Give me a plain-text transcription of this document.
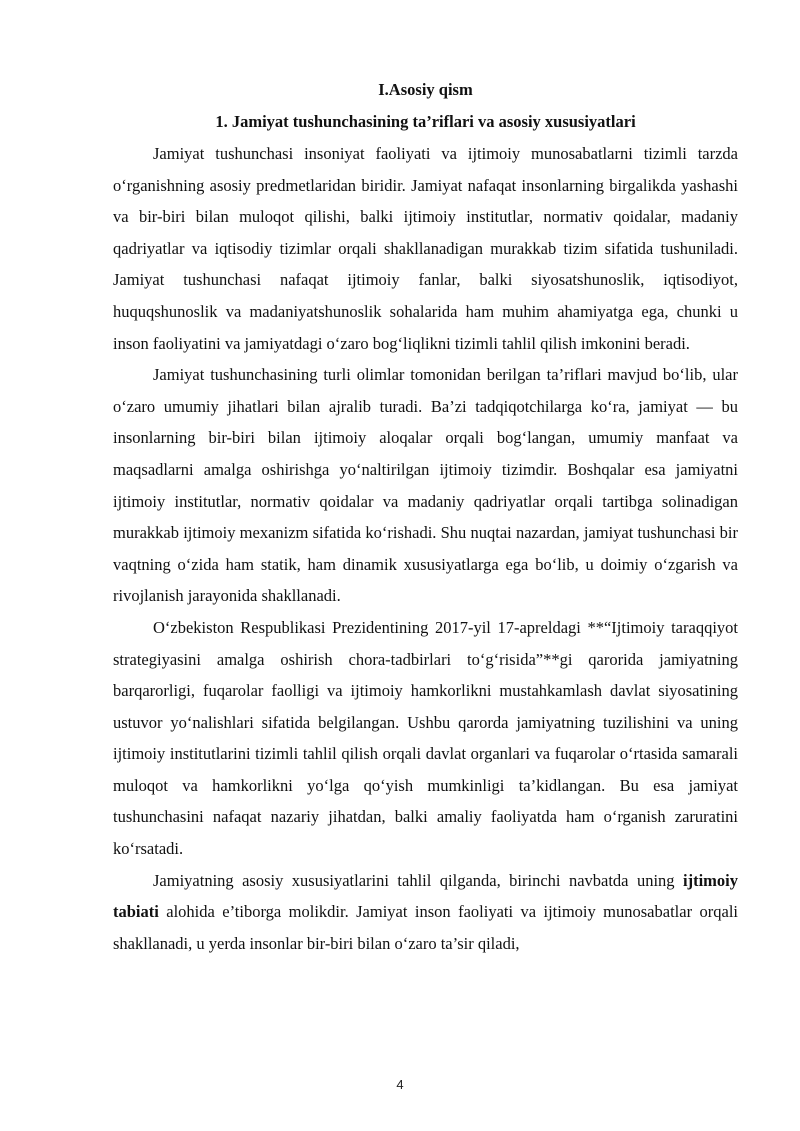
I.Asosiy qism

1. Jamiyat tushunchasining ta’riflari va asosiy xususiyatlari

Jamiyat tushunchasi insoniyat faoliyati va ijtimoiy munosabatlarni tizimli tarzda o‘rganishning asosiy predmetlaridan biridir. Jamiyat nafaqat insonlarning birgalikda yashashi va bir-biri bilan muloqot qilishi, balki ijtimoiy institutlar, normativ qoidalar, madaniy qadriyatlar va iqtisodiy tizimlar orqali shakllanadigan murakkab tizim sifatida tushuniladi. Jamiyat tushunchasi nafaqat ijtimoiy fanlar, balki siyosatshunoslik, iqtisodiyot, huquqshunoslik va madaniyatshunoslik sohalarida ham muhim ahamiyatga ega, chunki u inson faoliyatini va jamiyatdagi o‘zaro bog‘liqlikni tizimli tahlil qilish imkonini beradi.

Jamiyat tushunchasining turli olimlar tomonidan berilgan ta’riflari mavjud bo‘lib, ular o‘zaro umumiy jihatlari bilan ajralib turadi. Ba’zi tadqiqotchilarga ko‘ra, jamiyat — bu insonlarning bir-biri bilan ijtimoiy aloqalar orqali bog‘langan, umumiy manfaat va maqsadlarni amalga oshirishga yo‘naltirilgan ijtimoiy tizimdir. Boshqalar esa jamiyatni ijtimoiy institutlar, normativ qoidalar va madaniy qadriyatlar orqali tartibga solinadigan murakkab ijtimoiy mexanizm sifatida ko‘rishadi. Shu nuqtai nazardan, jamiyat tushunchasi bir vaqtning o‘zida ham statik, ham dinamik xususiyatlarga ega bo‘lib, u doimiy o‘zgarish va rivojlanish jarayonida shakllanadi.

O‘zbekiston Respublikasi Prezidentining 2017-yil 17-apreldagi **“Ijtimoiy taraqqiyot strategiyasini amalga oshirish chora-tadbirlari to‘g‘risida”**gi qarorida jamiyatning barqarorligi, fuqarolar faolligi va ijtimoiy hamkorlikni mustahkamlash davlat siyosatining ustuvor yo‘nalishlari sifatida belgilangan. Ushbu qarorda jamiyatning tuzilishini va uning ijtimoiy institutlarini tizimli tahlil qilish orqali davlat organlari va fuqarolar o‘rtasida samarali muloqot va hamkorlikni yo‘lga qo‘yish mumkinligi ta’kidlangan. Bu esa jamiyat tushunchasini nafaqat nazariy jihatdan, balki amaliy faoliyatda ham o‘rganish zaruratini ko‘rsatadi.

Jamiyatning asosiy xususiyatlarini tahlil qilganda, birinchi navbatda uning ijtimoiy tabiati alohida e’tiborga molikdir. Jamiyat inson faoliyati va ijtimoiy munosabatlar orqali shakllanadi, u yerda insonlar bir-biri bilan o‘zaro ta’sir qiladi,

4
